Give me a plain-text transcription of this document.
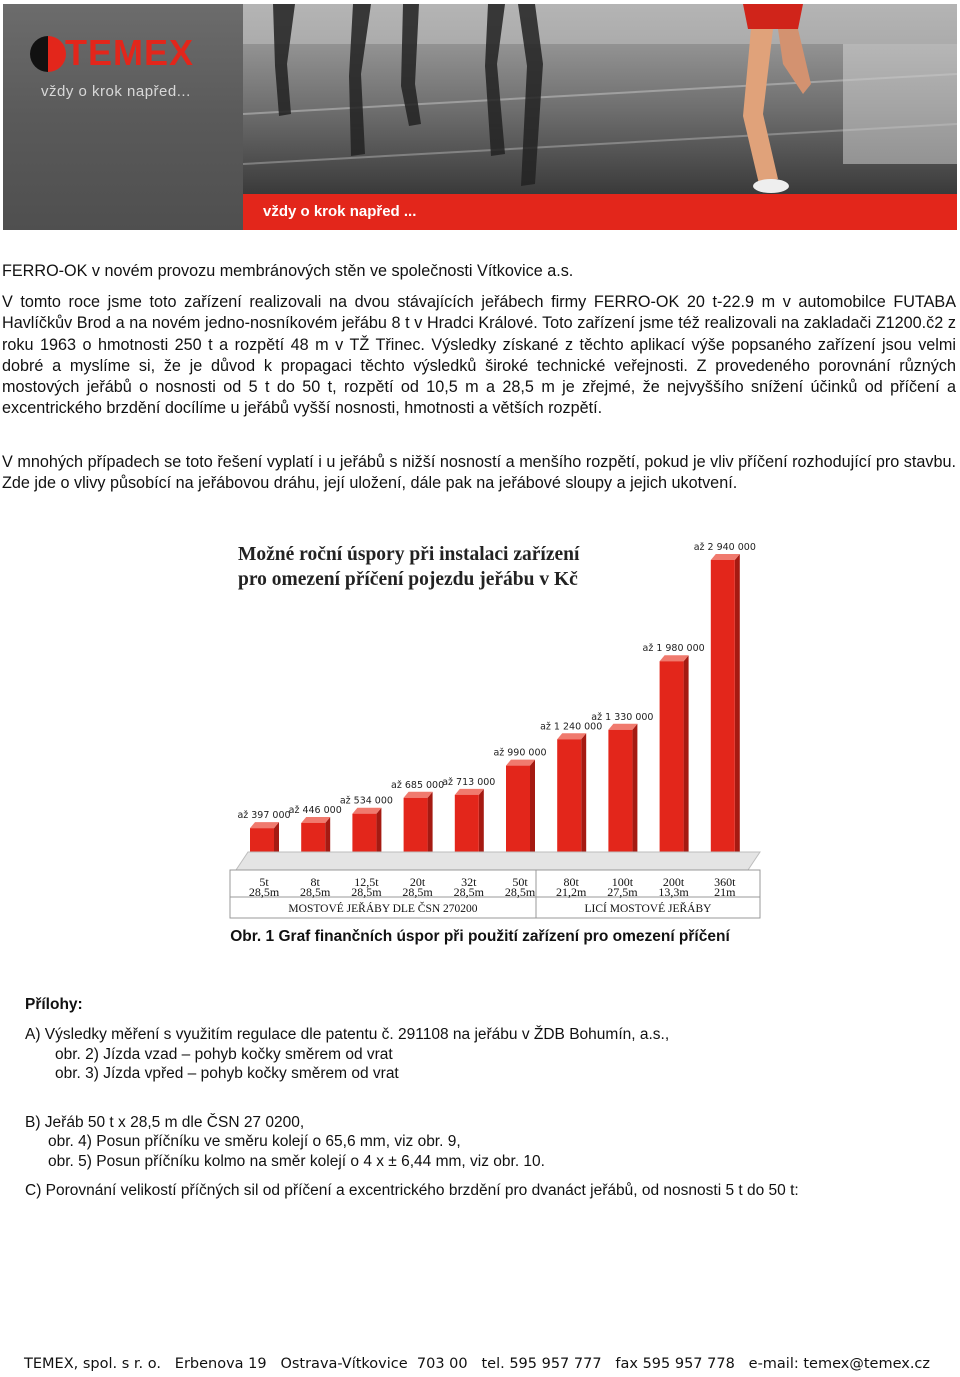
TEMEX
vždy o krok napřed...
vždy o krok napřed ...

FERRO-OK v novém provozu membránových stěn ve společnosti Vítkovice a.s.

V tomto roce jsme toto zařízení realizovali na dvou stávajících jeřábech firmy FERRO-OK 20 t-22.9 m v automobilce FUTABA Havlíčkův Brod a na novém jedno-nosníkovém jeřábu 8 t v Hradci Králové. Toto zařízení jsme též realizovali na zakladači Z1200.č2 z roku 1963 o hmotnosti 250 t a rozpětí 48 m v TŽ Třinec. Výsledky získané z těchto aplikací výše popsaného zařízení jsou velmi dobré a myslíme si, že je důvod k propagaci těchto výsledků široké technické veřejnosti. Z provedeného porovnání různých mostových jeřábů o nosnosti od 5 t do 50 t, rozpětí od 10,5 m a 28,5 m je zřejmé, že nejvyššího snížení účinků od příčení a excentrického brzdění docílíme u jeřábů vyšší nosnosti, hmotnosti a větších rozpětí.

V mnohých případech se toto řešení vyplatí i u jeřábů s nižší nosností a menšího rozpětí, pokud je vliv příčení rozhodující pro stavbu. Zde jde o vlivy působící na jeřábovou dráhu, její uložení, dále pak na jeřábové sloupy a jejich ukotvení.

Možné roční úspory při instalaci zařízení
pro omezení příčení pojezdu jeřábu v Kč
až 397 000
až 446 000
až 534 000
až 685 000
až 713 000
až 990 000
až 1 240 000
až 1 330 000
až 1 980 000
až 2 940 000
5t
28,5m
8t
28,5m
12,5t
28,5m
20t
28,5m
32t
28,5m
50t
28,5m
80t
21,2m
100t
27,5m
200t
13,3m
360t
21m
MOSTOVÉ JEŘÁBY DLE ČSN 270200	LICÍ MOSTOVÉ JEŘÁBY
Obr. 1 Graf finančních úspor při použití zařízení pro omezení příčení

Přílohy:

A) Výsledky měření s využitím regulace dle patentu č. 291108 na jeřábu v ŽDB Bohumín, a.s.,

obr. 2) Jízda vzad – pohyb kočky směrem od vrat

obr. 3) Jízda vpřed – pohyb kočky směrem od vrat

B) Jeřáb 50 t x 28,5 m dle ČSN 27 0200,

obr. 4) Posun příčníku ve směru kolejí o 65,6 mm, viz obr. 9,

obr. 5) Posun příčníku kolmo na směr kolejí o 4 x ± 6,44 mm, viz obr. 10.

C) Porovnání velikostí příčných sil od příčení a excentrického brzdění pro dvanáct jeřábů, od nosnosti 5 t do 50 t:

TEMEX, spol. s r. o.   Erbenova 19   Ostrava-Vítkovice  703 00   tel. 595 957 777   fax 595 957 778   e-mail: temex@temex.cz
